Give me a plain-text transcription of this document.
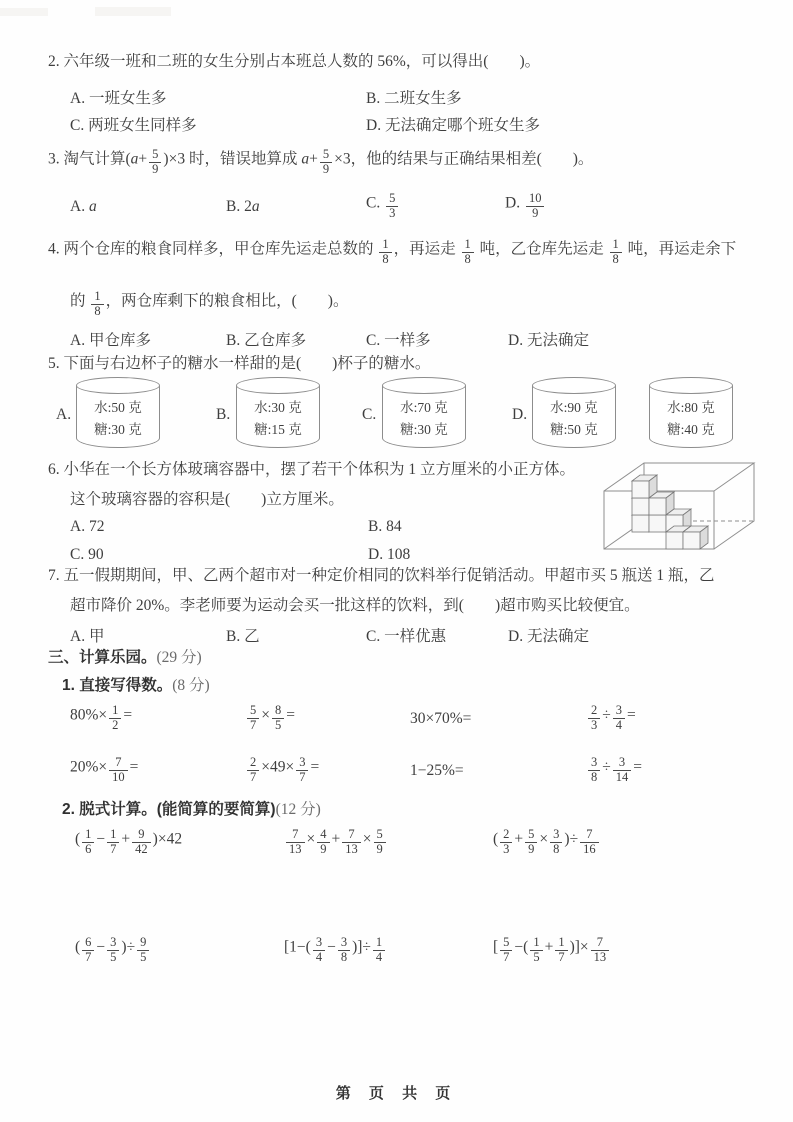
2. 六年级一班和二班的女生分别占本班总人数的 56%，可以得出(　　)。
A. 一班女生多	B. 二班女生多
C. 两班女生同样多	D. 无法确定哪个班女生多
3. 淘气计算$(a+ \frac{5}{9} )\times 3$ 时，错误地算成 $a+ \frac{5}{9} \times 3$，他的结果与正确结果相差(　　)。
A. a	B. 2a	C. $\frac{5}{3}$	D. $\frac{10}{9}$
4. 两个仓库的粮食同样多，甲仓库先运走总数的 $\frac{1}{8}$ ，再运走 $\frac{1}{8}$ 吨，乙仓库先运走 $\frac{1}{8}$ 吨，再运走余下
的 $\frac{1}{8}$ ，两仓库剩下的粮食相比，(　　)。
A. 甲仓库多	B. 乙仓库多	C. 一样多	D. 无法确定
5. 下面与右边杯子的糖水一样甜的是(　　)杯子的糖水。
A.	水:50 克
糖:30 克
B.	水:30 克
糖:15 克
C.	水:70 克
糖:30 克
D.	水:90 克
糖:50 克
水:80 克
糖:40 克
6. 小华在一个长方体玻璃容器中，摆了若干个体积为 1 立方厘米的小正方体。
这个玻璃容器的容积是(　　)立方厘米。
A. 72	B. 84
C. 90	D. 108
7. 五一假期期间，甲、乙两个超市对一种定价相同的饮料举行促销活动。甲超市买 5 瓶送 1 瓶，乙
超市降价 20%。李老师要为运动会买一批这样的饮料，到(　　)超市购买比较便宜。
A. 甲	B. 乙	C. 一样优惠	D. 无法确定
三、计算乐园。(29 分)
1. 直接写得数。(8 分)
$80\%\times \frac{1}{2}$ =	$\frac{5}{7} \times \frac{8}{5}$ =	30×70%=	$\frac{2}{3} \div \frac{3}{4}$ =
$20\%\times \frac{7}{10}$ =	$\frac{2}{7} \times 49\times \frac{3}{7}$ =	1−25%=	$\frac{3}{8} \div \frac{3}{14}$ =
2. 脱式计算。(能简算的要简算)(12 分)
( $\frac{1}{6} - \frac{1}{7} + \frac{9}{42} )\times 42$	$\frac{7}{13} \times \frac{4}{9} + \frac{7}{13} \times \frac{5}{9}$	( $\frac{2}{3} + \frac{5}{9} \times \frac{3}{8}$ )÷ $\frac{7}{16}$
( $\frac{6}{7} - \frac{3}{5}$ )÷ $\frac{9}{5}$	[$1-( \frac{3}{4} - \frac{3}{8}$ )]÷ $\frac{1}{4}$	[ $\frac{5}{7}$ −( $\frac{1}{5} + \frac{1}{7}$ )]× $\frac{7}{13}$
第 页 共 页
